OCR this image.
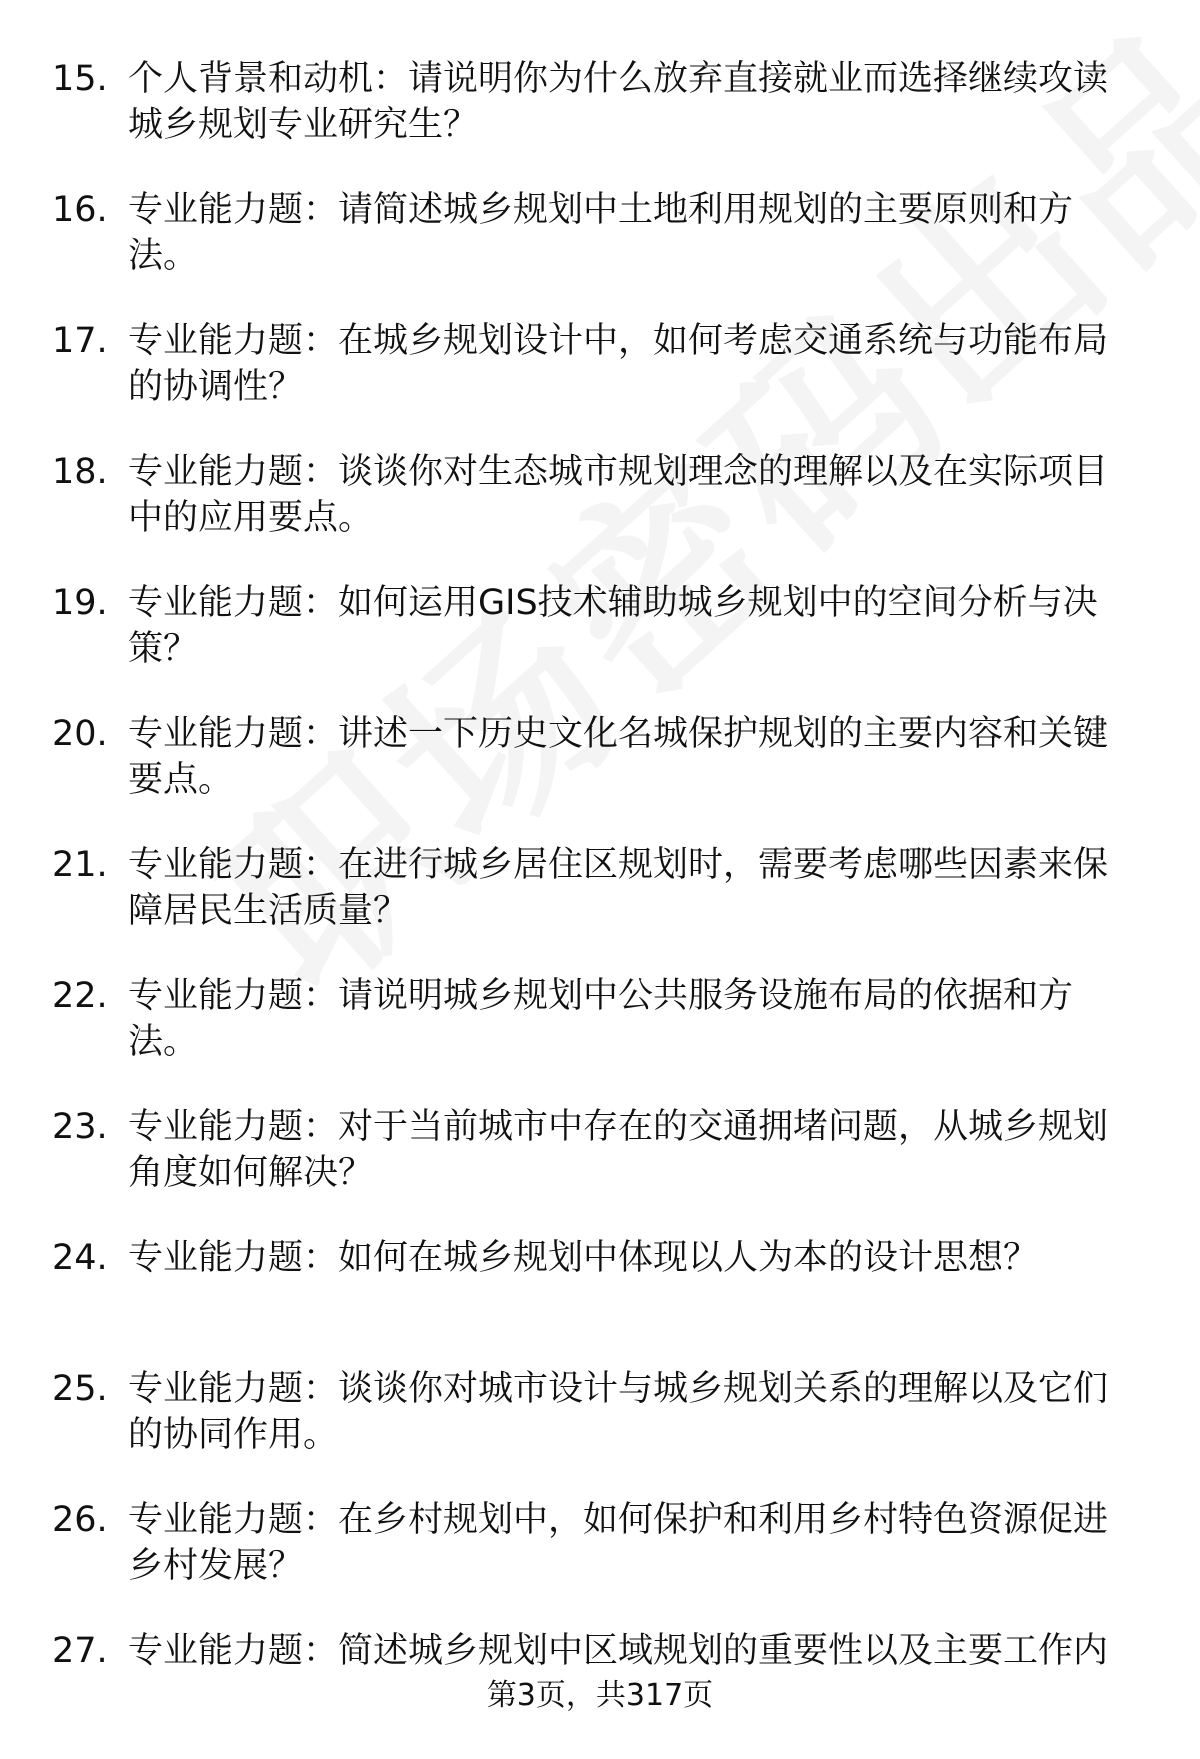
15. 个人背景和动机：请说明你为什么放弃直接就业而选择继续攻读城乡规划专业研究生？
16. 专业能力题：请简述城乡规划中土地利用规划的主要原则和方法。
17. 专业能力题：在城乡规划设计中，如何考虑交通系统与功能布局的协调性？
18. 专业能力题：谈谈你对生态城市规划理念的理解以及在实际项目中的应用要点。
19. 专业能力题：如何运用GIS技术辅助城乡规划中的空间分析与决策？
20. 专业能力题：讲述一下历史文化名城保护规划的主要内容和关键要点。
21. 专业能力题：在进行城乡居住区规划时，需要考虑哪些因素来保障居民生活质量？
22. 专业能力题：请说明城乡规划中公共服务设施布局的依据和方法。
23. 专业能力题：对于当前城市中存在的交通拥堵问题，从城乡规划角度如何解决？
24. 专业能力题：如何在城乡规划中体现以人为本的设计思想？
25. 专业能力题：谈谈你对城市设计与城乡规划关系的理解以及它们的协同作用。
26. 专业能力题：在乡村规划中，如何保护和利用乡村特色资源促进乡村发展？
27. 专业能力题：简述城乡规划中区域规划的重要性以及主要工作内
第3页，共317页
